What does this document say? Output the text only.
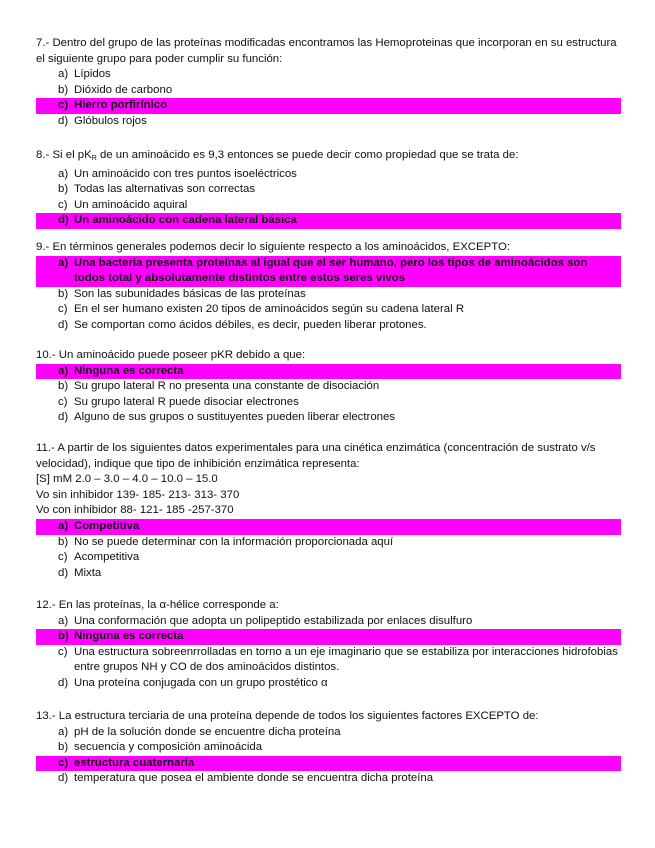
7.- Dentro del grupo de las proteínas modificadas encontramos las Hemoproteinas que incorporan en su estructura el siguiente grupo para poder cumplir su función:

a) Lípidos
b) Dióxido de carbono
c) Hierro porfirínico
d) Glóbulos rojos

8.- Si el $pK_R$ de un aminoácido es 9,3 entonces se puede decir como propiedad que se trata de:

a) Un aminoácido con tres puntos isoeléctricos
b) Todas las alternativas son correctas
c) Un aminoácido aquiral
d) Un aminoácido con cadena lateral básica

9.- En términos generales podemos decir lo siguiente respecto a los aminoácidos, EXCEPTO:

a) Una bacteria presenta proteínas al igual que el ser humano, pero los tipos de aminoácidos son todos total y absolutamente distintos entre estos seres vivos
b) Son las subunidades básicas de las proteínas
c) En el ser humano existen 20 tipos de aminoácidos según su cadena lateral R
d) Se comportan como ácidos débiles, es decir, pueden liberar protones.

10.- Un aminoácido puede poseer pKR debido a que:

a) Ninguna es correcta
b) Su grupo lateral R no presenta una constante de disociación
c) Su grupo lateral R puede disociar electrones
d) Alguno de sus grupos o sustituyentes pueden liberar electrones

11.- A partir de los siguientes datos experimentales para una cinética enzimática (concentración de sustrato v/s velocidad), indique que tipo de inhibición enzimática representa:

[S] mM 2.0 – 3.0 – 4.0 – 10.0 – 15.0

Vo sin inhibidor 139- 185- 213- 313- 370

Vo con inhibidor 88- 121- 185 -257-370

a) Competitiva
b) No se puede determinar con la información proporcionada aquí
c) Acompetitiva
d) Mixta

12.- En las proteínas, la α-hélice corresponde a:

a) Una conformación que adopta un polipeptido estabilizada por enlaces disulfuro
b) Ninguna es correcta
c) Una estructura sobreenrrolladas en torno a un eje imaginario que se estabiliza por interacciones hidrofobias entre grupos NH y CO de dos aminoácidos distintos.
d) Una proteína conjugada con un grupo prostético α

13.- La estructura terciaria de una proteína depende de todos los siguientes factores EXCEPTO de:

a) pH de la solución donde se encuentre dicha proteína
b) secuencia y composición aminoácida
c) estructura cuaternaria
d) temperatura que posea el ambiente donde se encuentra dicha proteína
